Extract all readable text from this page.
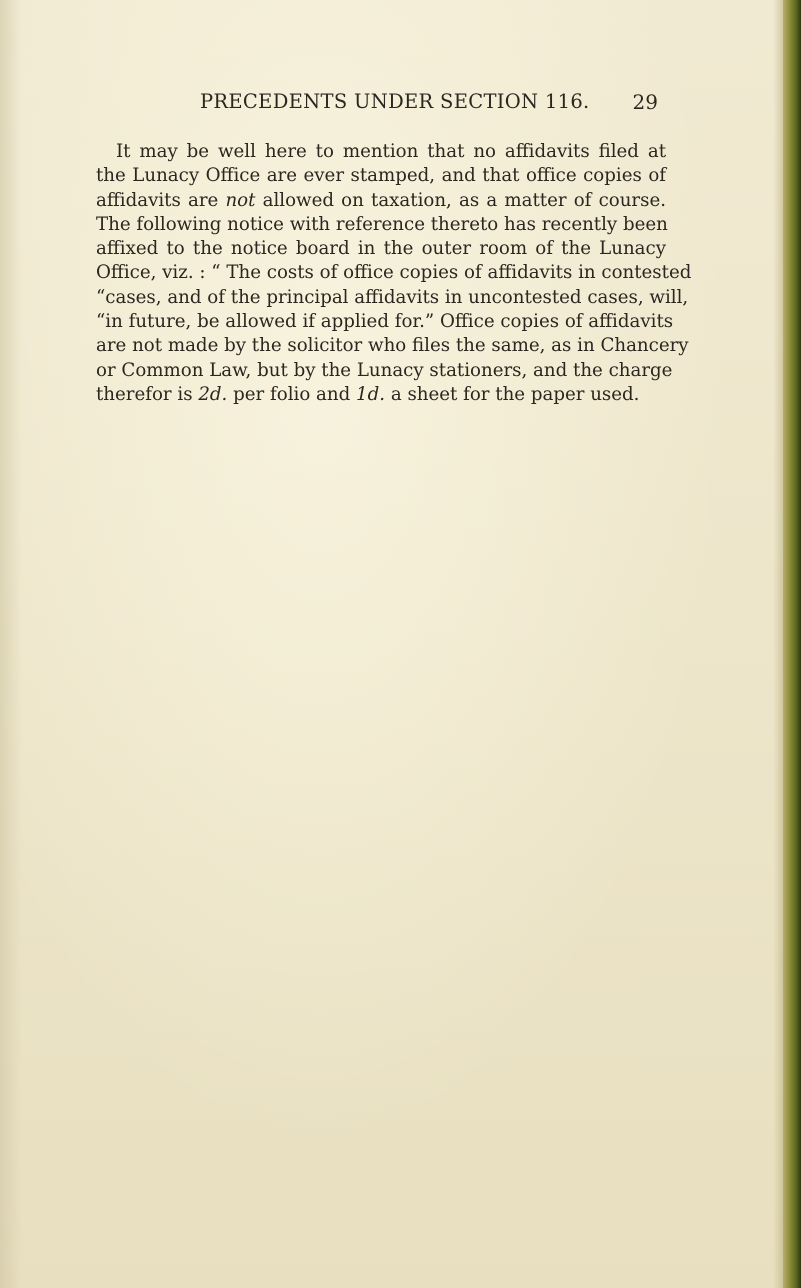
PRECEDENTS UNDER SECTION 116. 29
It may be well here to mention that no affidavits filed at
the Lunacy Office are ever stamped, and that office copies of
affidavits are not allowed on taxation, as a matter of course.
The following notice with reference thereto has recently been
affixed to the notice board in the outer room of the Lunacy
Office, viz. : “ The costs of office copies of affidavits in contested
“cases, and of the principal affidavits in uncontested cases, will,
“in future, be allowed if applied for.” Office copies of affidavits
are not made by the solicitor who files the same, as in Chancery
or Common Law, but by the Lunacy stationers, and the charge
therefor is 2d. per folio and 1d. a sheet for the paper used.
